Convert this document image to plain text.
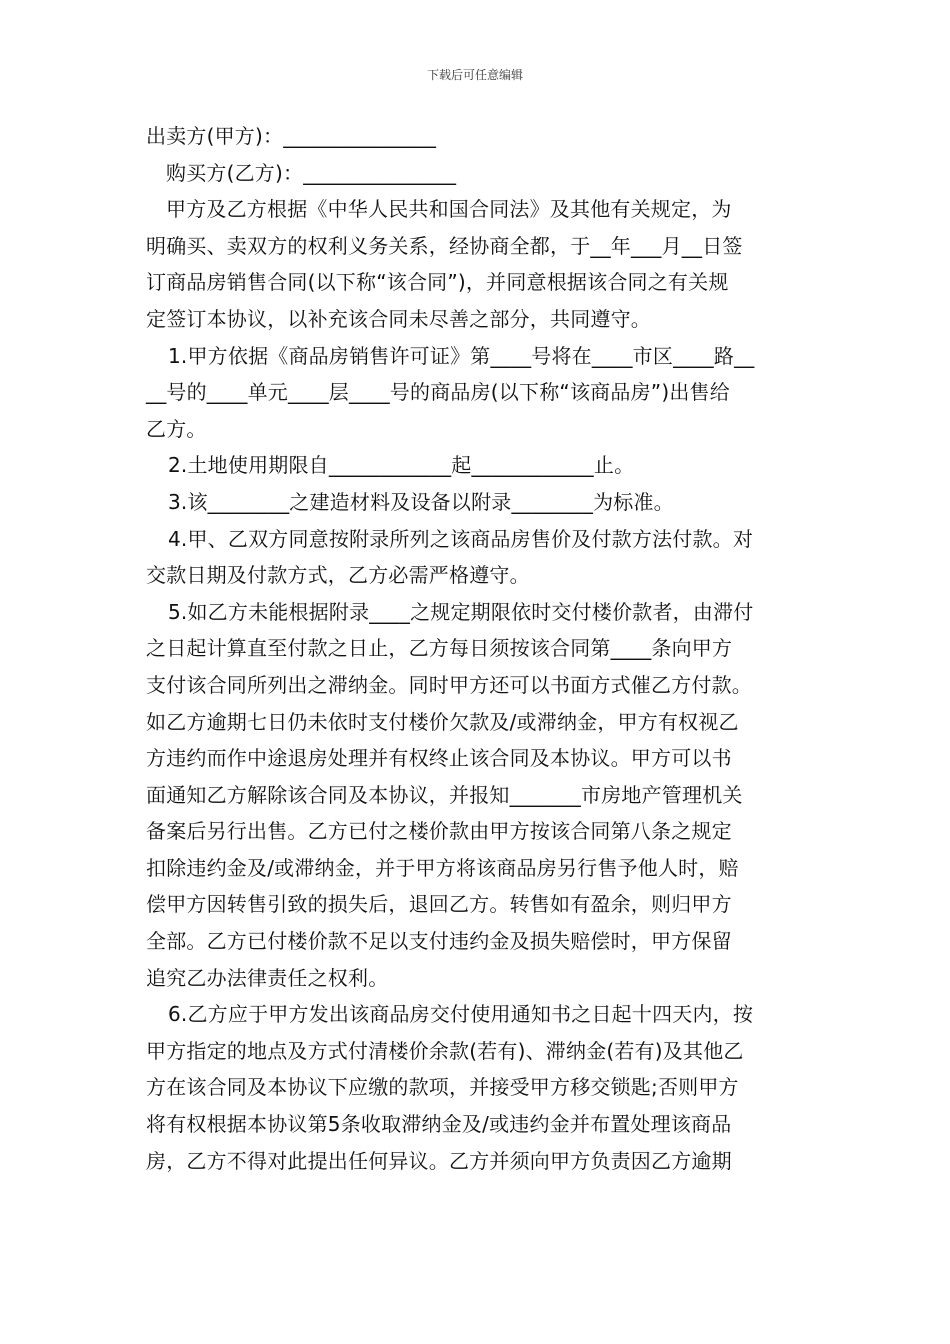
下载后可任意编辑

出卖方(甲方)：_______________

购买方(乙方)：_______________

甲方及乙方根据《中华人民共和国合同法》及其他有关规定，为

明确买、卖双方的权利义务关系，经协商全都，于__年___月__日签

订商品房销售合同(以下称“该合同”)，并同意根据该合同之有关规

定签订本协议，以补充该合同未尽善之部分，共同遵守。

1.甲方依据《商品房销售许可证》第____号将在____市区____路__

__号的____单元____层____号的商品房(以下称“该商品房”)出售给

乙方。

2.土地使用期限自____________起____________止。

3.该________之建造材料及设备以附录________为标准。

4.甲、乙双方同意按附录所列之该商品房售价及付款方法付款。对

交款日期及付款方式，乙方必需严格遵守。

5.如乙方未能根据附录____之规定期限依时交付楼价款者，由滞付

之日起计算直至付款之日止，乙方每日须按该合同第____条向甲方

支付该合同所列出之滞纳金。同时甲方还可以书面方式催乙方付款。

如乙方逾期七日仍未依时支付楼价欠款及/或滞纳金，甲方有权视乙

方违约而作中途退房处理并有权终止该合同及本协议。甲方可以书

面通知乙方解除该合同及本协议，并报知_______市房地产管理机关

备案后另行出售。乙方已付之楼价款由甲方按该合同第八条之规定

扣除违约金及/或滞纳金，并于甲方将该商品房另行售予他人时，赔

偿甲方因转售引致的损失后，退回乙方。转售如有盈余，则归甲方

全部。乙方已付楼价款不足以支付违约金及损失赔偿时，甲方保留

追究乙办法律责任之权利。

6.乙方应于甲方发出该商品房交付使用通知书之日起十四天内，按

甲方指定的地点及方式付清楼价余款(若有)、滞纳金(若有)及其他乙

方在该合同及本协议下应缴的款项，并接受甲方移交锁匙;否则甲方

将有权根据本协议第5条收取滞纳金及/或违约金并布置处理该商品

房，乙方不得对此提出任何异议。乙方并须向甲方负责因乙方逾期
